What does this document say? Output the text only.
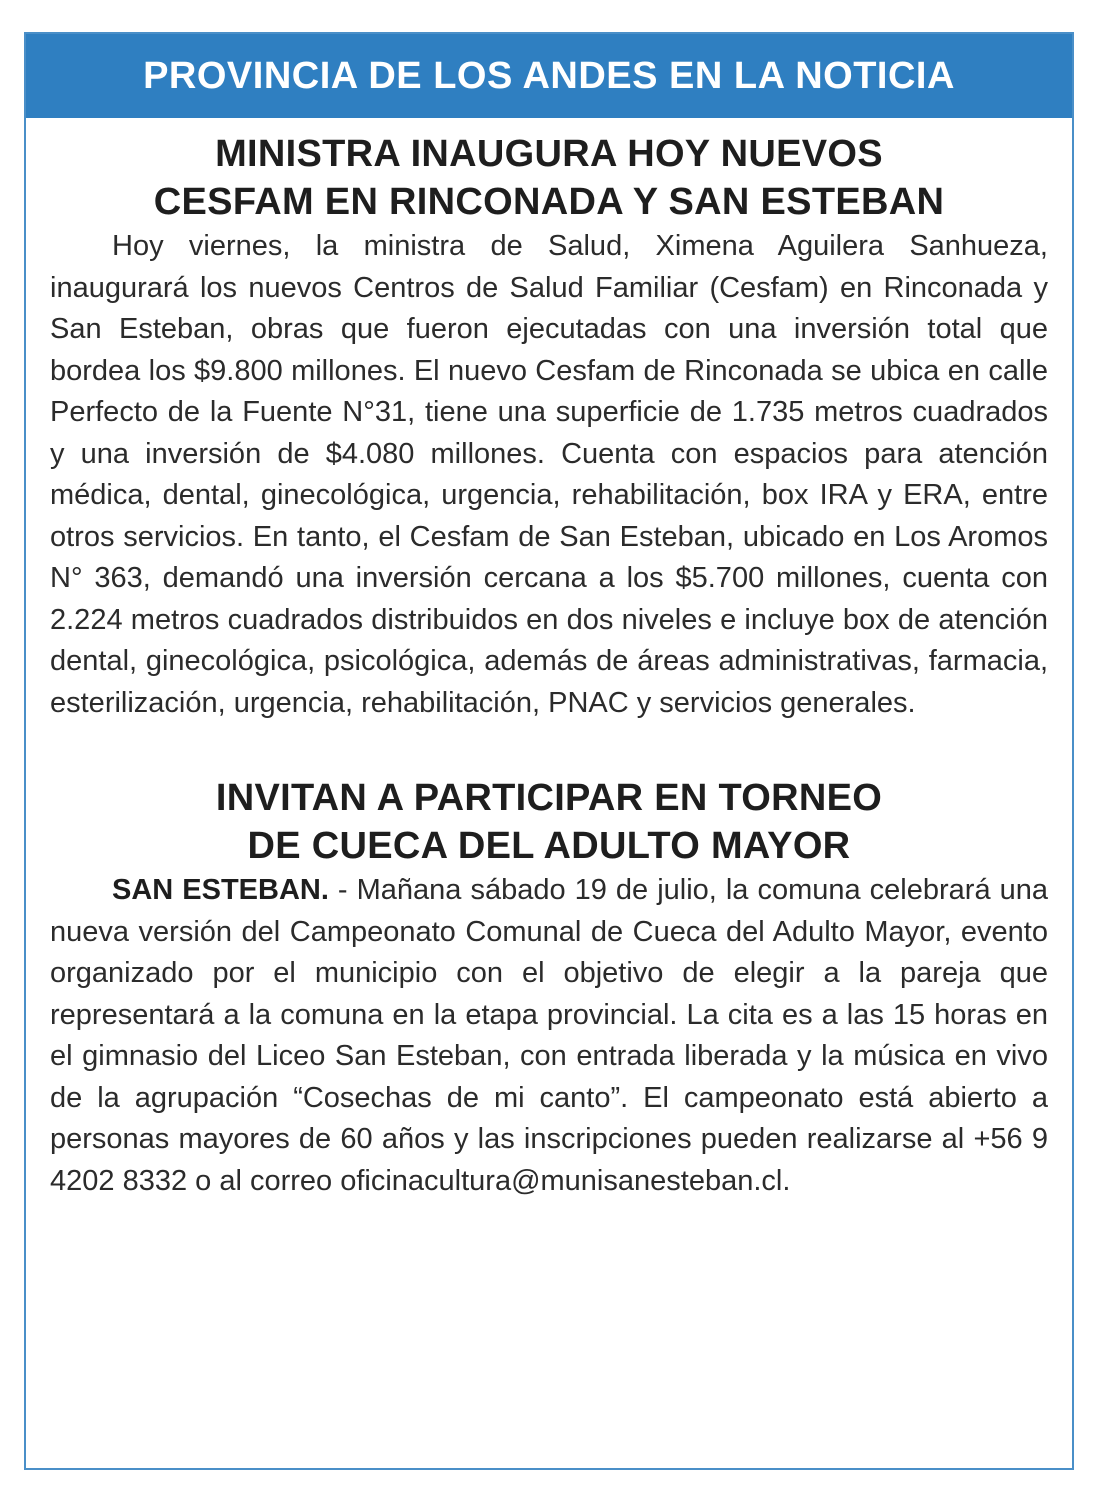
PROVINCIA DE LOS ANDES EN LA NOTICIA
MINISTRA INAUGURA HOY NUEVOS
CESFAM EN RINCONADA Y SAN ESTEBAN

Hoy viernes, la ministra de Salud, Ximena Aguilera Sanhueza, inaugurará los nuevos Centros de Salud Familiar (Cesfam) en Rinconada y San Esteban, obras que fueron ejecutadas con una inversión total que bordea los $9.800 millones. El nuevo Cesfam de Rinconada se ubica en calle Perfecto de la Fuente N°31, tiene una superficie de 1.735 metros cuadrados y una inversión de $4.080 millones. Cuenta con espacios para atención médica, dental, ginecológica, urgencia, rehabilitación, box IRA y ERA, entre otros servicios. En tanto, el Cesfam de San Esteban, ubicado en Los Aromos N° 363, demandó una inversión cercana a los $5.700 millones, cuenta con 2.224 metros cuadrados distribuidos en dos niveles e incluye box de atención dental, ginecológica, psicológica, además de áreas administrativas, farmacia, esterilización, urgencia, rehabilitación, PNAC y servicios generales.

INVITAN A PARTICIPAR EN TORNEO
DE CUECA DEL ADULTO MAYOR

SAN ESTEBAN. - Mañana sábado 19 de julio, la comuna celebrará una nueva versión del Campeonato Comunal de Cueca del Adulto Mayor, evento organizado por el municipio con el objetivo de elegir a la pareja que representará a la comuna en la etapa provincial. La cita es a las 15 horas en el gimnasio del Liceo San Esteban, con entrada liberada y la música en vivo de la agrupación “Cosechas de mi canto”. El campeonato está abierto a personas mayores de 60 años y las inscripciones pueden realizarse al +56 9 4202 8332 o al correo oficinacultura@munisanesteban.cl.
